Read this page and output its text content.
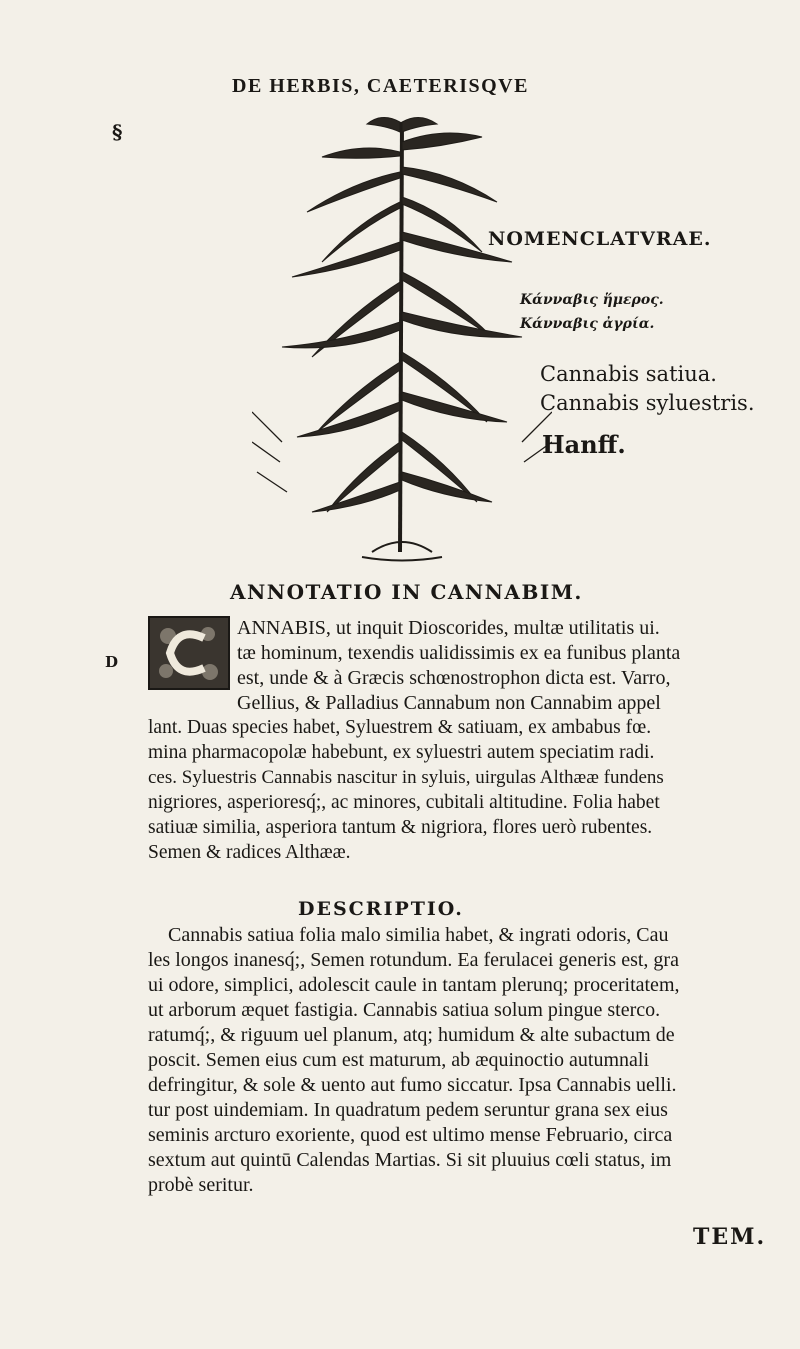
DE HERBIS, CAETERISQVE
§
NOMENCLATVRAE.
Κάνναβις ἥμερος.
Κάνναβις ἀγρία.
Cannabis satiua.
Cannabis syluestris.
Hanff.
ANNOTATIO IN CANNABIM.
D
ANNABIS, ut inquit Dioscorides, multæ utilitatis ui.
tæ hominum, texendis ualidissimis ex ea funibus planta
est, unde & à Græcis schœnostrophon dicta est. Varro,
Gellius, & Palladius Cannabum non Cannabim appel
lant. Duas species habet, Syluestrem & satiuam, ex ambabus fœ.
mina pharmacopolæ habebunt, ex syluestri autem speciatim radi.
ces. Syluestris Cannabis nascitur in syluis, uirgulas Althææ fundens
nigriores, asperioresq́;, ac minores, cubitali altitudine. Folia habet
satiuæ similia, asperiora tantum & nigriora, flores uerò rubentes.
Semen & radices Althææ.
DESCRIPTIO.
Cannabis satiua folia malo similia habet, & ingrati odoris, Cau
les longos inanesq́;, Semen rotundum. Ea ferulacei generis est, gra
ui odore, simplici, adolescit caule in tantam plerunq; proceritatem,
ut arborum æquet fastigia. Cannabis satiua solum pingue sterco.
ratumq́;, & riguum uel planum, atq; humidum & alte subactum de
poscit. Semen eius cum est maturum, ab æquinoctio autumnali
defringitur, & sole & uento aut fumo siccatur. Ipsa Cannabis uelli.
tur post uindemiam. In quadratum pedem seruntur grana sex eius
seminis arcturo exoriente, quod est ultimo mense Februario, circa
sextum aut quintū Calendas Martias. Si sit pluuius cœli status, im
probè seritur.
TEM.
